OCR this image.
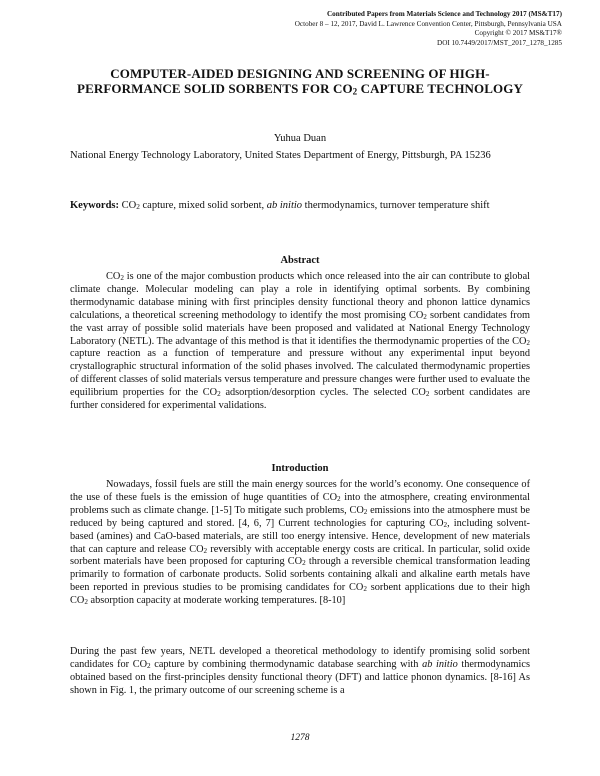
Contributed Papers from Materials Science and Technology 2017 (MS&T17)
October 8 – 12, 2017, David L. Lawrence Convention Center, Pittsburgh, Pennsylvania USA
Copyright © 2017 MS&T17®
DOI 10.7449/2017/MST_2017_1278_1285
COMPUTER-AIDED DESIGNING AND SCREENING OF HIGH-PERFORMANCE SOLID SORBENTS FOR $CO_2$ CAPTURE TECHNOLOGY
Yuhua Duan
National Energy Technology Laboratory, United States Department of Energy, Pittsburgh, PA 15236
Keywords: $CO_2$ capture, mixed solid sorbent, ab initio thermodynamics, turnover temperature shift
Abstract

$CO_2$ is one of the major combustion products which once released into the air can contribute to global climate change. Molecular modeling can play a role in identifying optimal sorbents. By combining thermodynamic database mining with first principles density functional theory and phonon lattice dynamics calculations, a theoretical screening methodology to identify the most promising $CO_2$ sorbent candidates from the vast array of possible solid materials have been proposed and validated at National Energy Technology Laboratory (NETL). The advantage of this method is that it identifies the thermodynamic properties of the $CO_2$ capture reaction as a function of temperature and pressure without any experimental input beyond crystallographic structural information of the solid phases involved. The calculated thermodynamic properties of different classes of solid materials versus temperature and pressure changes were further used to evaluate the equilibrium properties for the $CO_2$ adsorption/desorption cycles. The selected $CO_2$ sorbent candidates are further considered for experimental validations.

Introduction

Nowadays, fossil fuels are still the main energy sources for the world’s economy. One consequence of the use of these fuels is the emission of huge quantities of $CO_2$ into the atmosphere, creating environmental problems such as climate change. [1-5] To mitigate such problems, $CO_2$ emissions into the atmosphere must be reduced by being captured and stored. [4, 6, 7] Current technologies for capturing $CO_2$, including solvent-based (amines) and CaO-based materials, are still too energy intensive. Hence, development of new materials that can capture and release $CO_2$ reversibly with acceptable energy costs are critical. In particular, solid oxide sorbent materials have been proposed for capturing $CO_2$ through a reversible chemical transformation leading primarily to formation of carbonate products. Solid sorbents containing alkali and alkaline earth metals have been reported in previous studies to be promising candidates for $CO_2$ sorbent applications due to their high $CO_2$ absorption capacity at moderate working temperatures. [8-10]

During the past few years, NETL developed a theoretical methodology to identify promising solid sorbent candidates for $CO_2$ capture by combining thermodynamic database searching with ab initio thermodynamics obtained based on the first-principles density functional theory (DFT) and lattice phonon dynamics. [8-16] As shown in Fig. 1, the primary outcome of our screening scheme is a

1278
